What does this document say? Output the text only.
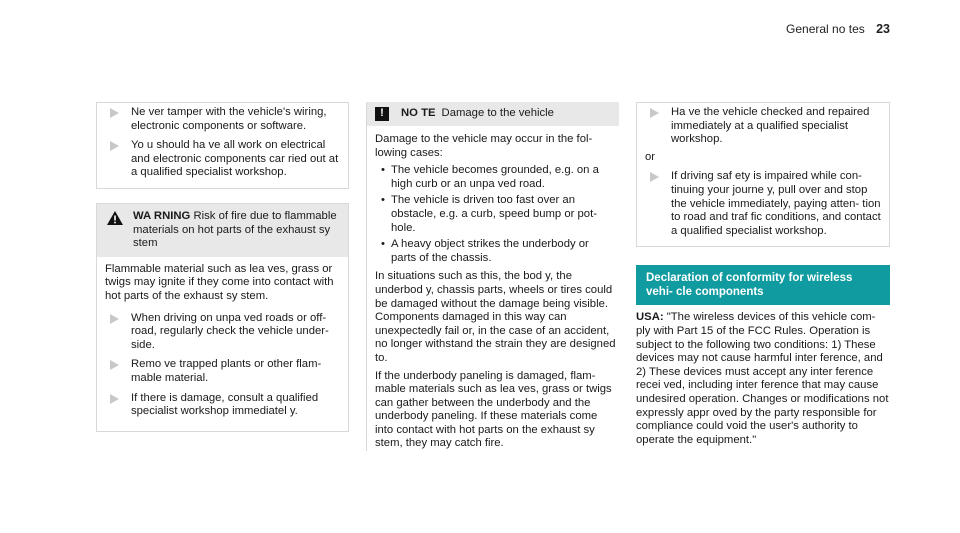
General no tes 23
Ne ver tamper with the vehicle's wiring, electronic components or software.
Yo u should ha ve all work on electrical and electronic components car ried out at a qualified specialist workshop.
WA RNING Risk of fire due to flammable materials on hot parts of the exhaust sy stem

Flammable material such as lea ves, grass or twigs may ignite if they come into contact with hot parts of the exhaust sy stem.

When driving on unpa ved roads or off-road, regularly check the vehicle under‐ side.
Remo ve trapped plants or other flam‐ mable material.
If there is damage, consult a qualified specialist workshop immediatel y.
!	NO TE Damage to the vehicle

Damage to the vehicle may occur in the fol‐ lowing cases:

• The vehicle becomes grounded, e.g. on a high curb or an unpa ved road.
• The vehicle is driven too fast over an obstacle, e.g. a curb, speed bump or pot‐ hole.
• A heavy object strikes the underbody or parts of the chassis.

In situations such as this, the bod y, the underbod y, chassis parts, wheels or tires could be damaged without the damage being visible. Components damaged in this way can unexpectedly fail or, in the case of an accident, no longer withstand the strain they are designed to.

If the underbody paneling is damaged, flam‐ mable materials such as lea ves, grass or twigs can gather between the underbody and the underbody paneling. If these materials come into contact with hot parts on the exhaust sy stem, they may catch fire.

Ha ve the vehicle checked and repaired immediately at a qualified specialist workshop.

or

If driving saf ety is impaired while con‐ tinuing your journe y, pull over and stop the vehicle immediately, paying atten‐ tion to road and traf fic conditions, and contact a qualified specialist workshop.
Declaration of conformity for wireless vehi‐ cle components

USA: "The wireless devices of this vehicle com‐ ply with Part 15 of the FCC Rules. Operation is subject to the following two conditions: 1) These devices may not cause harmful inter ference, and 2) These devices must accept any inter ference recei ved, including inter ference that may cause undesired operation. Changes or modifications not expressly appr oved by the party responsible for compliance could void the user's authority to operate the equipment."
